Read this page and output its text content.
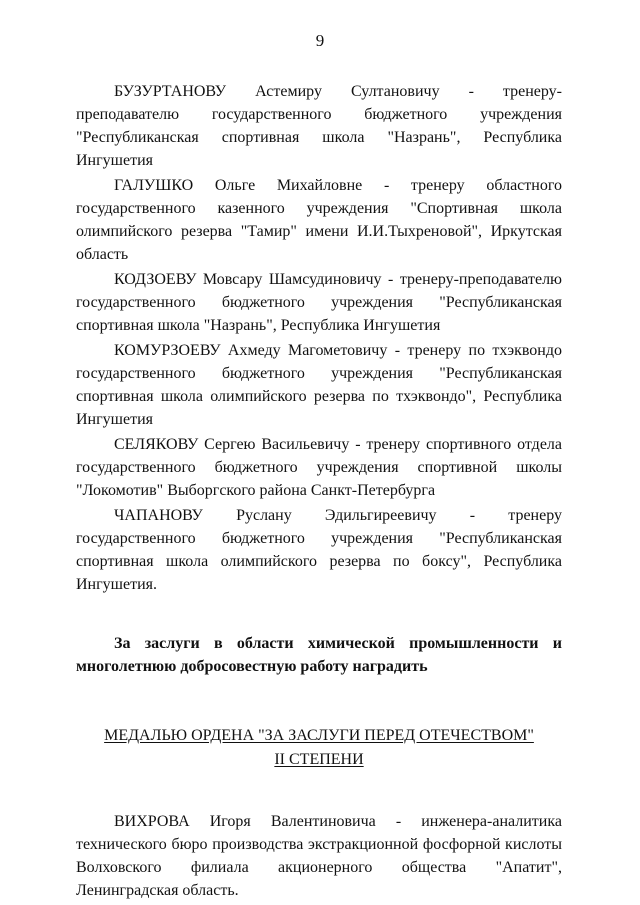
9

БУЗУРТАНОВУ Астемиру Султановичу - тренеру-преподавателю государственного бюджетного учреждения "Республиканская спортивная школа "Назрань", Республика Ингушетия

ГАЛУШКО Ольге Михайловне - тренеру областного государственного казенного учреждения "Спортивная школа олимпийского резерва "Тамир" имени И.И.Тыхреновой", Иркутская область

КОДЗОЕВУ Мовсару Шамсудиновичу - тренеру-преподавателю государственного бюджетного учреждения "Республиканская спортивная школа "Назрань", Республика Ингушетия

КОМУРЗОЕВУ Ахмеду Магометовичу - тренеру по тхэквондо государственного бюджетного учреждения "Республиканская спортивная школа олимпийского резерва по тхэквондо", Республика Ингушетия

СЕЛЯКОВУ Сергею Васильевичу - тренеру спортивного отдела государственного бюджетного учреждения спортивной школы "Локомотив" Выборгского района Санкт-Петербурга

ЧАПАНОВУ Руслану Эдильгиреевичу - тренеру государственного бюджетного учреждения "Республиканская спортивная школа олимпийского резерва по боксу", Республика Ингушетия.

За заслуги в области химической промышленности и многолетнюю добросовестную работу наградить

МЕДАЛЬЮ ОРДЕНА "ЗА ЗАСЛУГИ ПЕРЕД ОТЕЧЕСТВОМ"
II СТЕПЕНИ

ВИХРОВА Игоря Валентиновича - инженера-аналитика технического бюро производства экстракционной фосфорной кислоты Волховского филиала акционерного общества "Апатит", Ленинградская область.
